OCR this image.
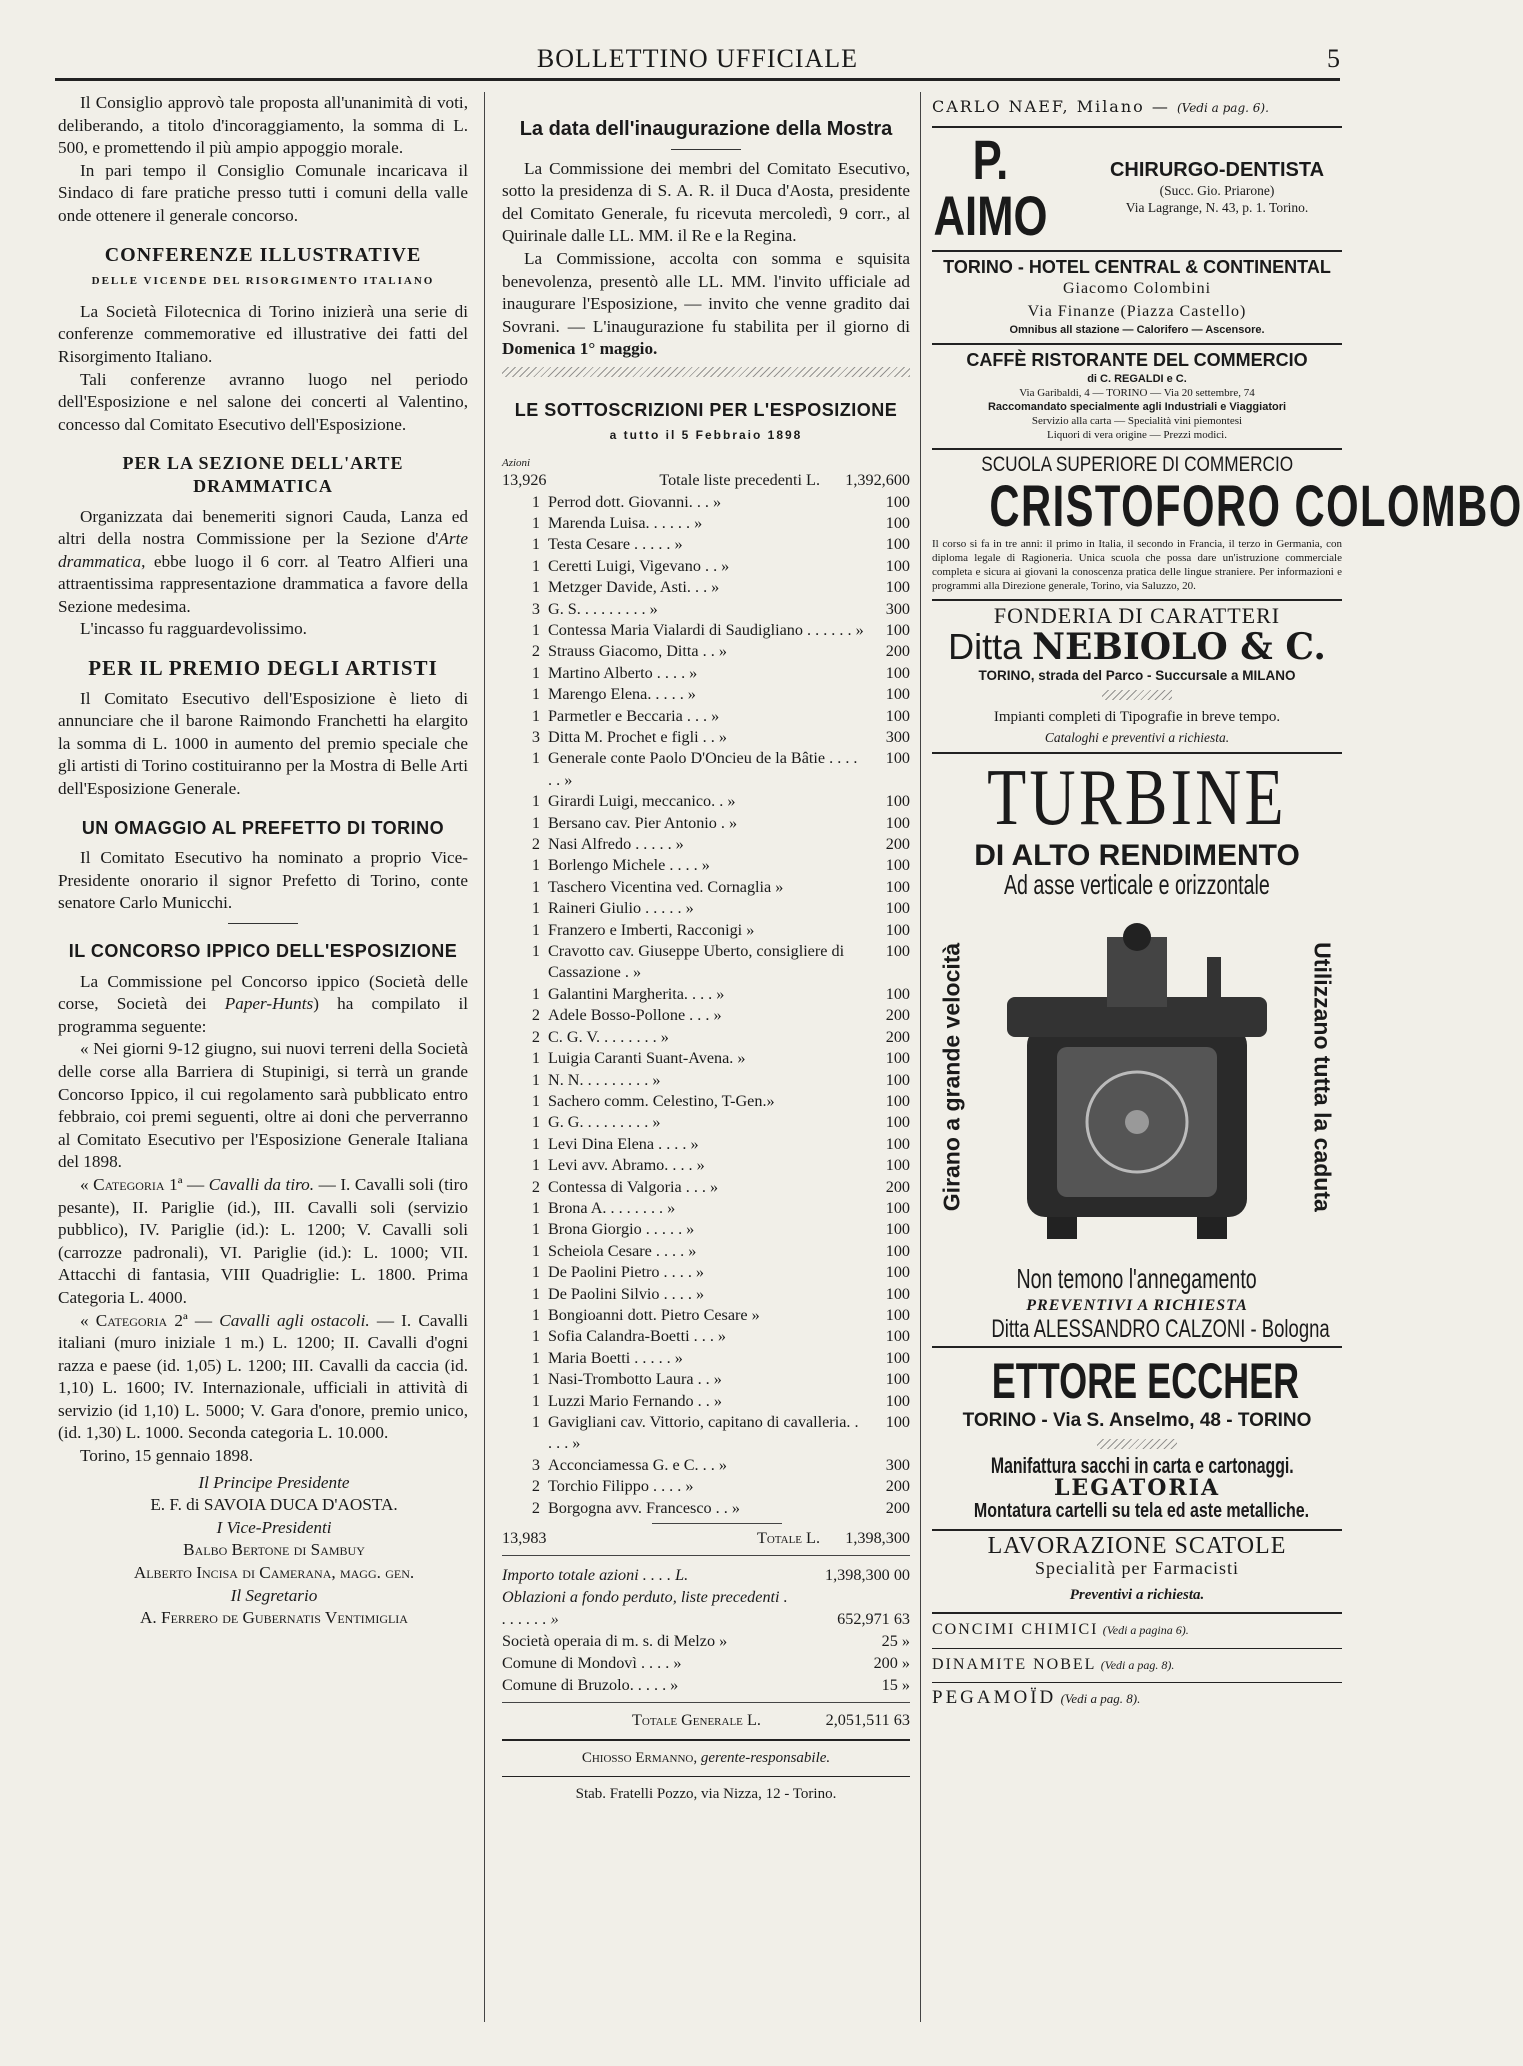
BOLLETTINO UFFICIALE	5

Il Consiglio approvò tale proposta all'unanimità di voti, deliberando, a titolo d'incoraggiamento, la somma di L. 500, e promettendo il più ampio appoggio morale.

In pari tempo il Consiglio Comunale incaricava il Sindaco di fare pratiche presso tutti i comuni della valle onde ottenere il generale concorso.

CONFERENZE ILLUSTRATIVE
DELLE VICENDE DEL RISORGIMENTO ITALIANO

La Società Filotecnica di Torino inizierà una serie di conferenze commemorative ed illustrative dei fatti del Risorgimento Italiano.

Tali conferenze avranno luogo nel periodo dell'Esposizione e nel salone dei concerti al Valentino, concesso dal Comitato Esecutivo dell'Esposizione.

PER LA SEZIONE DELL'ARTE DRAMMATICA

Organizzata dai benemeriti signori Cauda, Lanza ed altri della nostra Commissione per la Sezione d'Arte drammatica, ebbe luogo il 6 corr. al Teatro Alfieri una attraentissima rappresentazione drammatica a favore della Sezione medesima.

L'incasso fu ragguardevolissimo.

PER IL PREMIO DEGLI ARTISTI

Il Comitato Esecutivo dell'Esposizione è lieto di annunciare che il barone Raimondo Franchetti ha elargito la somma di L. 1000 in aumento del premio speciale che gli artisti di Torino costituiranno per la Mostra di Belle Arti dell'Esposizione Generale.

UN OMAGGIO AL PREFETTO DI TORINO

Il Comitato Esecutivo ha nominato a proprio Vice-Presidente onorario il signor Prefetto di Torino, conte senatore Carlo Municchi.

IL CONCORSO IPPICO DELL'ESPOSIZIONE

La Commissione pel Concorso ippico (Società delle corse, Società dei Paper-Hunts) ha compilato il programma seguente:

« Nei giorni 9-12 giugno, sui nuovi terreni della Società delle corse alla Barriera di Stupinigi, si terrà un grande Concorso Ippico, il cui regolamento sarà pubblicato entro febbraio, coi premi seguenti, oltre ai doni che perverranno al Comitato Esecutivo per l'Esposizione Generale Italiana del 1898.

« Categoria 1ª — Cavalli da tiro. — I. Cavalli soli (tiro pesante), II. Pariglie (id.), III. Cavalli soli (servizio pubblico), IV. Pariglie (id.): L. 1200; V. Cavalli soli (carrozze padronali), VI. Pariglie (id.): L. 1000; VII. Attacchi di fantasia, VIII Quadriglie: L. 1800. Prima Categoria L. 4000.

« Categoria 2ª — Cavalli agli ostacoli. — I. Cavalli italiani (muro iniziale 1 m.) L. 1200; II. Cavalli d'ogni razza e paese (id. 1,05) L. 1200; III. Cavalli da caccia (id. 1,10) L. 1600; IV. Internazionale, ufficiali in attività di servizio (id 1,10) L. 5000; V. Gara d'onore, premio unico, (id. 1,30) L. 1000. Seconda categoria L. 10.000.

Torino, 15 gennaio 1898.

Il Principe Presidente

E. F. di SAVOIA DUCA D'AOSTA.

I Vice-Presidenti

Balbo Bertone di Sambuy

Alberto Incisa di Camerana, magg. gen.

Il Segretario

A. Ferrero de Gubernatis Ventimiglia

La data dell'inaugurazione della Mostra

La Commissione dei membri del Comitato Esecutivo, sotto la presidenza di S. A. R. il Duca d'Aosta, presidente del Comitato Generale, fu ricevuta mercoledì, 9 corr., al Quirinale dalle LL. MM. il Re e la Regina.

La Commissione, accolta con somma e squisita benevolenza, presentò alle LL. MM. l'invito ufficiale ad inaugurare l'Esposizione, — invito che venne gradito dai Sovrani. — L'inaugurazione fu stabilita per il giorno di Domenica 1° maggio.

LE SOTTOSCRIZIONI PER L'ESPOSIZIONE
a tutto il 5 Febbraio 1898
Azioni
13,926	Totale liste precedenti L.	1,392,600
1	Perrod dott. Giovanni. . . »	100
1	Marenda Luisa. . . . . . »	100
1	Testa Cesare . . . . . »	100
1	Ceretti Luigi, Vigevano . . »	100
1	Metzger Davide, Asti. . . »	100
3	G. S. . . . . . . . . »	300
1	Contessa Maria Vialardi di Saudigliano . . . . . . »	100
2	Strauss Giacomo, Ditta . . »	200
1	Martino Alberto . . . . »	100
1	Marengo Elena. . . . . »	100
1	Parmetler e Beccaria . . . »	100
3	Ditta M. Prochet e figli . . »	300
1	Generale conte Paolo D'Oncieu de la Bâtie . . . . . . »	100
1	Girardi Luigi, meccanico. . »	100
1	Bersano cav. Pier Antonio . »	100
2	Nasi Alfredo . . . . . »	200
1	Borlengo Michele . . . . »	100
1	Taschero Vicentina ved. Cornaglia »	100
1	Raineri Giulio . . . . . »	100
1	Franzero e Imberti, Racconigi »	100
1	Cravotto cav. Giuseppe Uberto, consigliere di Cassazione . »	100
1	Galantini Margherita. . . . »	100
2	Adele Bosso-Pollone . . . »	200
2	C. G. V. . . . . . . . »	200
1	Luigia Caranti Suant-Avena. »	100
1	N. N. . . . . . . . . »	100
1	Sachero comm. Celestino, T-Gen.»	100
1	G. G. . . . . . . . . »	100
1	Levi Dina Elena . . . . »	100
1	Levi avv. Abramo. . . . »	100
2	Contessa di Valgoria . . . »	200
1	Brona A. . . . . . . . »	100
1	Brona Giorgio . . . . . »	100
1	Scheiola Cesare . . . . »	100
1	De Paolini Pietro . . . . »	100
1	De Paolini Silvio . . . . »	100
1	Bongioanni dott. Pietro Cesare »	100
1	Sofia Calandra-Boetti . . . »	100
1	Maria Boetti . . . . . »	100
1	Nasi-Trombotto Laura . . »	100
1	Luzzi Mario Fernando . . »	100
1	Gavigliani cav. Vittorio, capitano di cavalleria. . . . . »	100
3	Acconciamessa G. e C. . . »	300
2	Torchio Filippo . . . . »	200
2	Borgogna avv. Francesco . . »	200
13,983	Totale L.	1,398,300
Importo totale azioni . . . . L.	1,398,300 00
Oblazioni a fondo perduto, liste precedenti . . . . . . . »	652,971 63
Società operaia di m. s. di Melzo »	25 »
Comune di Mondovì . . . . »	200 »
Comune di Bruzolo. . . . . »	15 »
Totale Generale L.	2,051,511 63
Chiosso Ermanno, gerente-responsabile.
Stab. Fratelli Pozzo, via Nizza, 12 - Torino.
CARLO NAEF, Milano — (Vedi a pag. 6).
P. AIMO
CHIRURGO-DENTISTA
(Succ. Gio. Priarone)
Via Lagrange, N. 43, p. 1. Torino.
TORINO - HOTEL CENTRAL & CONTINENTAL
Giacomo Colombini
Via Finanze (Piazza Castello)
Omnibus all stazione — Calorifero — Ascensore.
CAFFÈ RISTORANTE DEL COMMERCIO
di C. REGALDI e C.
Via Garibaldi, 4 — TORINO — Via 20 settembre, 74
Raccomandato specialmente agli Industriali e Viaggiatori
Servizio alla carta — Specialità vini piemontesi
Liquori di vera origine — Prezzi modici.
SCUOLA SUPERIORE DI COMMERCIO
CRISTOFORO COLOMBO
Il corso si fa in tre anni: il primo in Italia, il secondo in Francia, il terzo in Germania, con diploma legale di Ragioneria. Unica scuola che possa dare un'istruzione commerciale completa e sicura ai giovani la conoscenza pratica delle lingue straniere. Per informazioni e programmi alla Direzione generale, Torino, via Saluzzo, 20.
FONDERIA DI CARATTERI
Ditta NEBIOLO & C.
TORINO, strada del Parco - Succursale a MILANO
Impianti completi di Tipografie in breve tempo.
Cataloghi e preventivi a richiesta.
TURBINE
DI ALTO RENDIMENTO
Ad asse verticale e orizzontale
Girano a grande velocità	Utilizzano tutta la caduta
Non temono l'annegamento
PREVENTIVI A RICHIESTA
Ditta ALESSANDRO CALZONI - Bologna
ETTORE ECCHER
TORINO - Via S. Anselmo, 48 - TORINO
Manifattura sacchi in carta e cartonaggi.
LEGATORIA
Montatura cartelli su tela ed aste metalliche.
LAVORAZIONE SCATOLE
Specialità per Farmacisti
Preventivi a richiesta.
CONCIMI CHIMICI (Vedi a pagina 6).
DINAMITE NOBEL (Vedi a pag. 8).
PEGAMOÏD (Vedi a pag. 8).
